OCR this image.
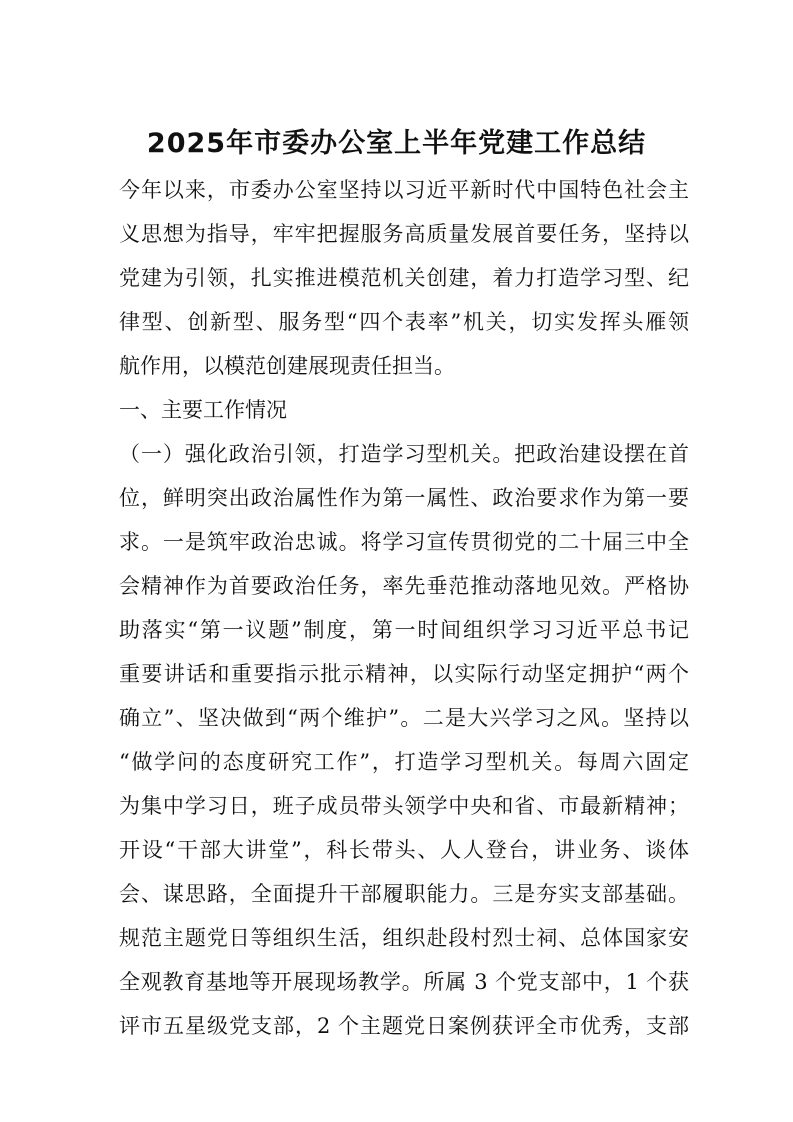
2025年市委办公室上半年党建工作总结
今年以来，市委办公室坚持以习近平新时代中国特色社会主
义思想为指导，牢牢把握服务高质量发展首要任务，坚持以
党建为引领，扎实推进模范机关创建，着力打造学习型、纪
律型、创新型、服务型“四个表率”机关，切实发挥头雁领
航作用，以模范创建展现责任担当。
一、主要工作情况
（一）强化政治引领，打造学习型机关。把政治建设摆在首
位，鲜明突出政治属性作为第一属性、政治要求作为第一要
求。一是筑牢政治忠诚。将学习宣传贯彻党的二十届三中全
会精神作为首要政治任务，率先垂范推动落地见效。严格协
助落实“第一议题”制度，第一时间组织学习习近平总书记
重要讲话和重要指示批示精神，以实际行动坚定拥护“两个
确立”、坚决做到“两个维护”。二是大兴学习之风。坚持以
“做学问的态度研究工作”，打造学习型机关。每周六固定
为集中学习日，班子成员带头领学中央和省、市最新精神；
开设“干部大讲堂”，科长带头、人人登台，讲业务、谈体
会、谋思路，全面提升干部履职能力。三是夯实支部基础。
规范主题党日等组织生活，组织赴段村烈士祠、总体国家安
全观教育基地等开展现场教学。所属 3 个党支部中，1 个获
评市五星级党支部，2 个主题党日案例获评全市优秀，支部
